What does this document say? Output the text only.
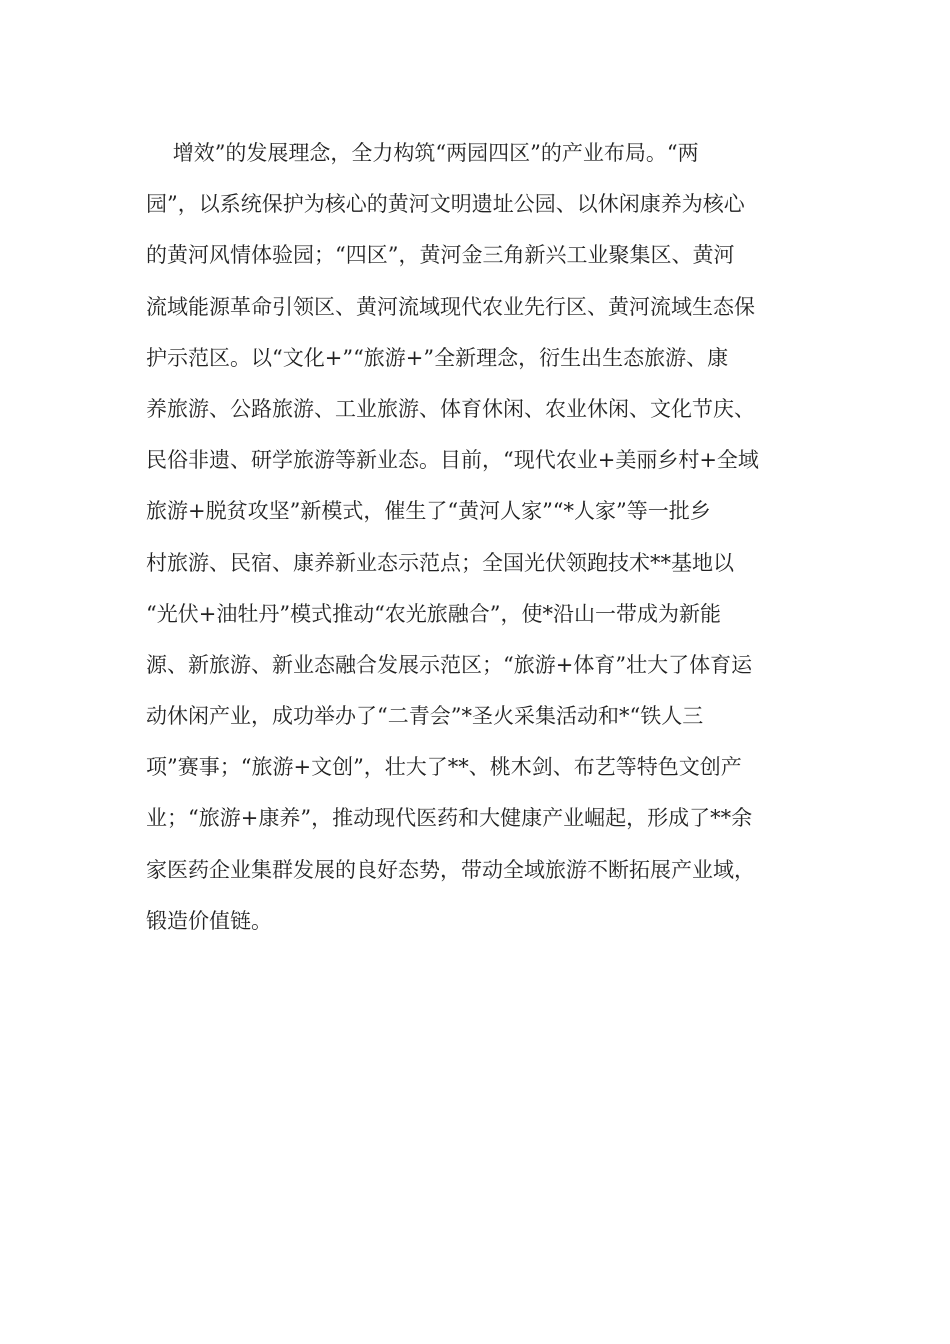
增效”的发展理念，全力构筑“两园四区”的产业布局。“两
园”，以系统保护为核心的黄河文明遗址公园、以休闲康养为核心
的黄河风情体验园；“四区”，黄河金三角新兴工业聚集区、黄河
流域能源革命引领区、黄河流域现代农业先行区、黄河流域生态保
护示范区。以“文化+”“旅游+”全新理念，衍生出生态旅游、康
养旅游、公路旅游、工业旅游、体育休闲、农业休闲、文化节庆、
民俗非遗、研学旅游等新业态。目前，“现代农业+美丽乡村+全域
旅游+脱贫攻坚”新模式，催生了“黄河人家”“*人家”等一批乡
村旅游、民宿、康养新业态示范点；全国光伏领跑技术**基地以
“光伏+油牡丹”模式推动“农光旅融合”，使*沿山一带成为新能
源、新旅游、新业态融合发展示范区；“旅游+体育”壮大了体育运
动休闲产业，成功举办了“二青会”*圣火采集活动和*“铁人三
项”赛事；“旅游+文创”，壮大了**、桃木剑、布艺等特色文创产
业；“旅游+康养”，推动现代医药和大健康产业崛起，形成了**余
家医药企业集群发展的良好态势，带动全域旅游不断拓展产业域，
锻造价值链。
